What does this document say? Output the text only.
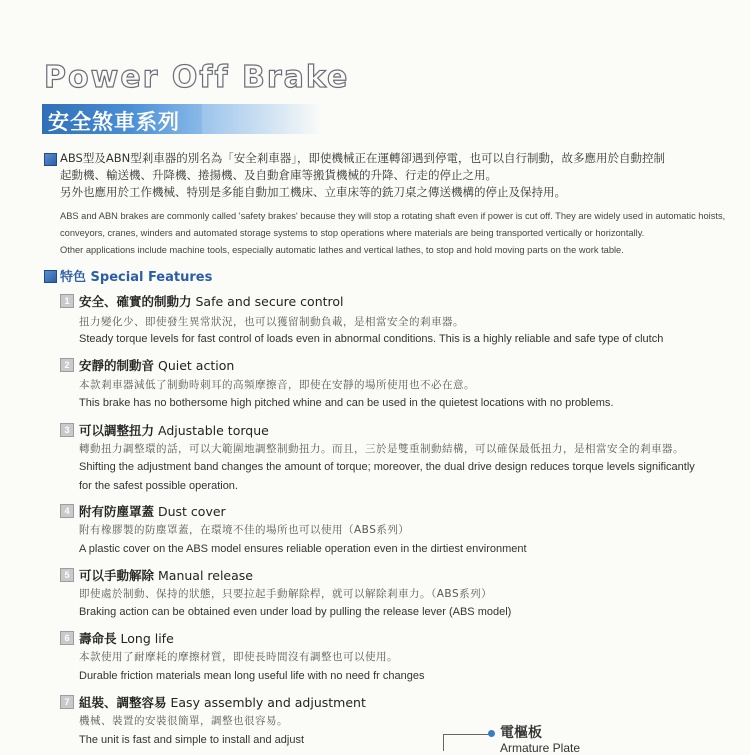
Power Off Brake
安全煞車系列
ABS型及ABN型剎車器的別名為「安全剎車器」，即使機械正在運轉卻遇到停電，也可以自行制動，故多應用於自動控制
起動機、輸送機、升降機、捲揚機、及自動倉庫等搬貨機械的升降、行走的停止之用。
另外也應用於工作機械、特別是多能自動加工機床、立車床等的銑刀桌之傳送機構的停止及保持用。
ABS and ABN brakes are commonly called 'safety brakes' because they will stop a rotating shaft even if power is cut off. They are widely used in automatic hoists,
conveyors, cranes, winders and automated storage systems to stop operations where materials are being transported vertically or horizontally.
Other applications include machine tools, especially automatic lathes and vertical lathes, to stop and hold moving parts on the work table.
特色 Special Features
1 安全、確實的制動力 Safe and secure control
扭力變化少、即使發生異常狀況，也可以獲留制動負載，是相當安全的剎車器。
Steady torque levels for fast control of loads even in abnormal conditions. This is a highly reliable and safe type of clutch
2 安靜的制動音 Quiet action
本款剎車器減低了制動時刺耳的高頻摩擦音，即使在安靜的場所使用也不必在意。
This brake has no bothersome high pitched whine and can be used in the quietest locations with no problems.
3 可以調整扭力 Adjustable torque
轉動扭力調整環的話，可以大範圍地調整制動扭力。而且，三於是雙重制動結構，可以確保最低扭力，是相當安全的剎車器。
Shifting the adjustment band changes the amount of torque; moreover, the dual drive design reduces torque levels significantly
for the safest possible operation.
4 附有防塵罩蓋 Dust cover
附有橡膠製的防塵罩蓋，在環境不佳的場所也可以使用（ABS系列）
A plastic cover on the ABS model ensures reliable operation even in the dirtiest environment
5 可以手動解除 Manual release
即使處於制動、保持的狀態，只要拉起手動解除桿，就可以解除剎車力。（ABS系列）
Braking action can be obtained even under load by pulling the release lever (ABS model)
6 壽命長 Long life
本款使用了耐摩耗的摩擦材質，即使長時間沒有調整也可以使用。
Durable friction materials mean long useful life with no need fr changes
7 組裝、調整容易 Easy assembly and adjustment
機械、裝置的安裝很簡單，調整也很容易。
The unit is fast and simple to install and adjust	電樞板
Armature Plate
